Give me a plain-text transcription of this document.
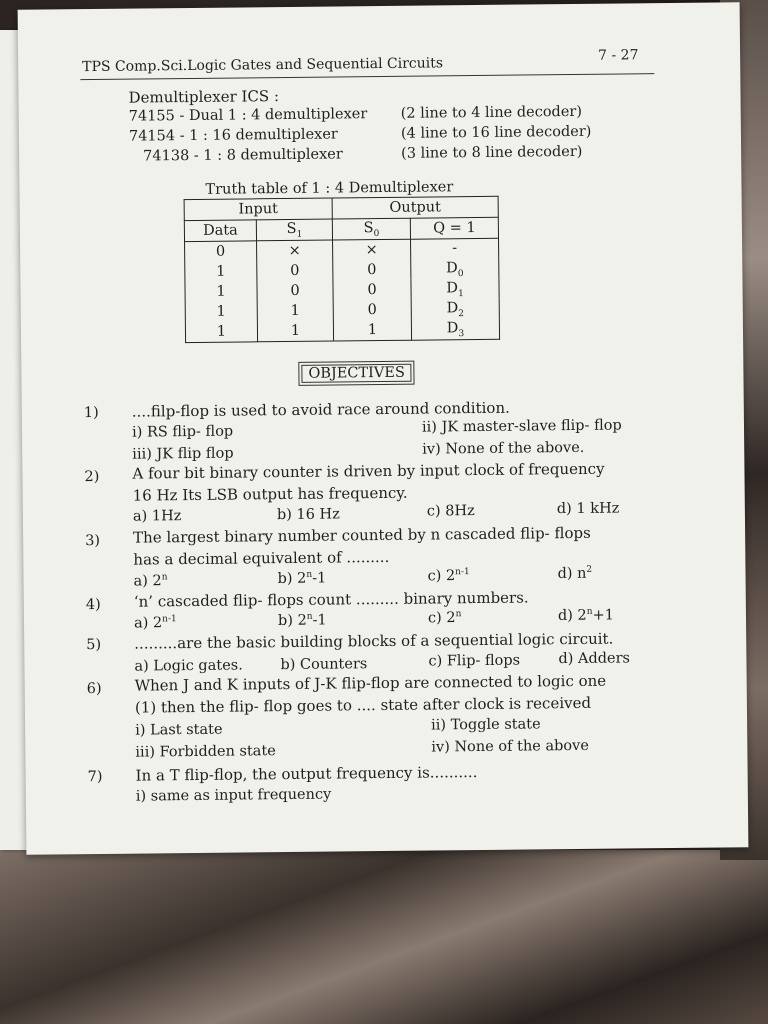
TPS Comp.Sci.Logic Gates and Sequential Circuits	7 - 27
Demultiplexer ICS :
74155 - Dual 1 : 4 demultiplexer (2 line to 4 line decoder)
74154 - 1 : 16 demultiplexer	(4 line to 16 line decoder)
74138 - 1 : 8 demultiplexer	(3 line to 8 line decoder)
Truth table of 1 : 4 Demultiplexer
Input		Output	
Data	$S_1$	$S_0$	Q = 1
0	×	×	-
1	0	0	$D_0$
1	0	0	$D_1$
1	1	0	$D_2$
1	1	1	$D_3$
OBJECTIVES
1) ....filp-flop is used to avoid race around condition.
i) RS flip- flop	ii) JK master-slave flip- flop
iii) JK flip flop	iv) None of the above.
2) A four bit binary counter is driven by input clock of frequency
16 Hz Its LSB output has frequency.
a) 1Hz	b) 16 Hz	c) 8Hz	d) 1 kHz
3) The largest binary number counted by n cascaded flip- flops
has a decimal equivalent of .........
a) 2$^n$	b) 2$^n$-1	c) 2$^{n-1}$	d) $n^2$
4) ‘n’ cascaded flip- flops count ......... binary numbers.
a) 2$^{n-1}$	b) 2$^n$-1	c) 2$^n$	d) $2^n+1$
5) .........are the basic building blocks of a sequential logic circuit.
a) Logic gates.	b) Counters	c) Flip- flops	d) Adders
6) When J and K inputs of J-K flip-flop are connected to logic one
(1) then the flip- flop goes to .... state after clock is received
i) Last state	ii) Toggle state
iii) Forbidden state	iv) None of the above
7) In a T flip-flop, the output frequency is..........
i) same as input frequency
